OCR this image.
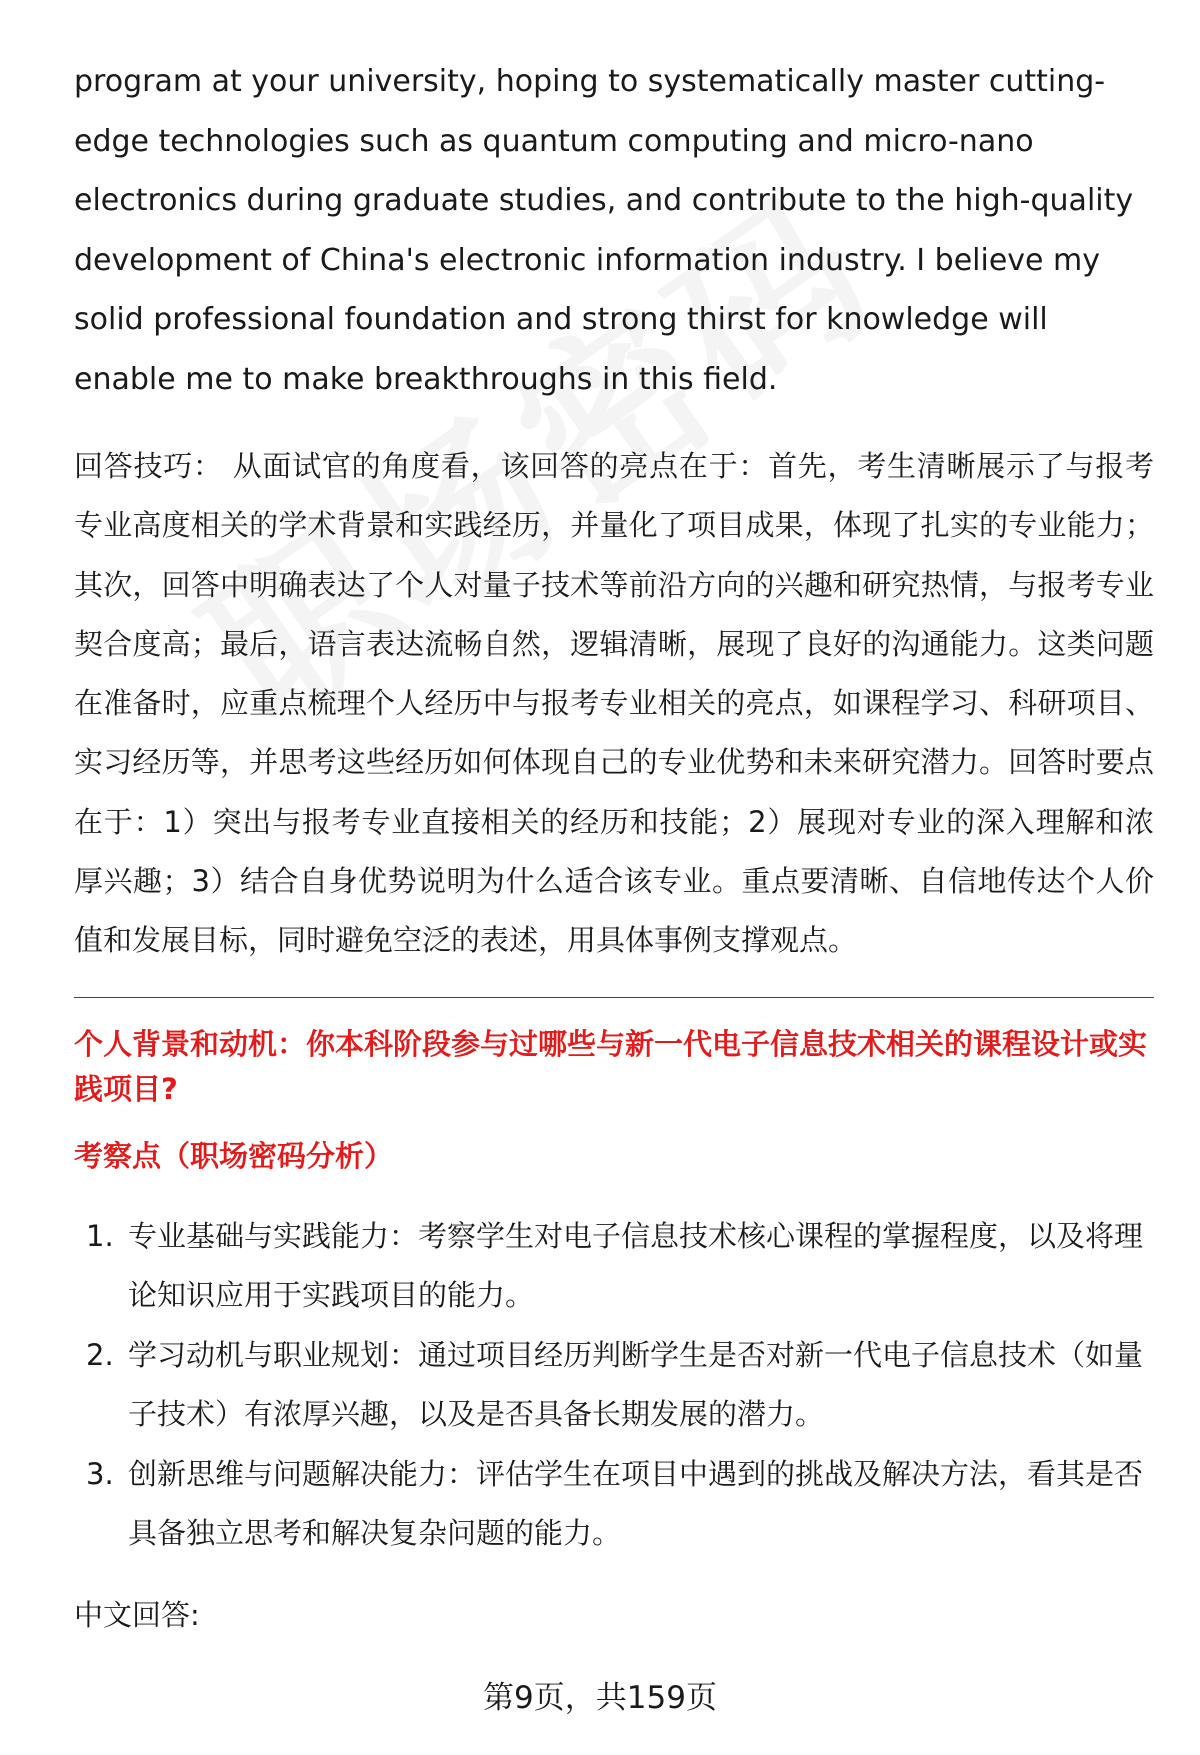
program at your university, hoping to systematically master cutting-edge technologies such as quantum computing and micro-nano electronics during graduate studies, and contribute to the high-quality development of China's electronic information industry. I believe my solid professional foundation and strong thirst for knowledge will enable me to make breakthroughs in this field.

回答技巧： 从面试官的角度看，该回答的亮点在于：首先，考生清晰展示了与报考专业高度相关的学术背景和实践经历，并量化了项目成果，体现了扎实的专业能力；其次，回答中明确表达了个人对量子技术等前沿方向的兴趣和研究热情，与报考专业契合度高；最后，语言表达流畅自然，逻辑清晰，展现了良好的沟通能力。这类问题在准备时，应重点梳理个人经历中与报考专业相关的亮点，如课程学习、科研项目、实习经历等，并思考这些经历如何体现自己的专业优势和未来研究潜力。回答时要点在于：1）突出与报考专业直接相关的经历和技能；2）展现对专业的深入理解和浓厚兴趣；3）结合自身优势说明为什么适合该专业。重点要清晰、自信地传达个人价值和发展目标，同时避免空泛的表述，用具体事例支撑观点。

个人背景和动机：你本科阶段参与过哪些与新一代电子信息技术相关的课程设计或实践项目?
考察点（职场密码分析）
1. 专业基础与实践能力：考察学生对电子信息技术核心课程的掌握程度，以及将理论知识应用于实践项目的能力。
2. 学习动机与职业规划：通过项目经历判断学生是否对新一代电子信息技术（如量子技术）有浓厚兴趣，以及是否具备长期发展的潜力。
3. 创新思维与问题解决能力：评估学生在项目中遇到的挑战及解决方法，看其是否具备独立思考和解决复杂问题的能力。
中文回答:
第9页，共159页
